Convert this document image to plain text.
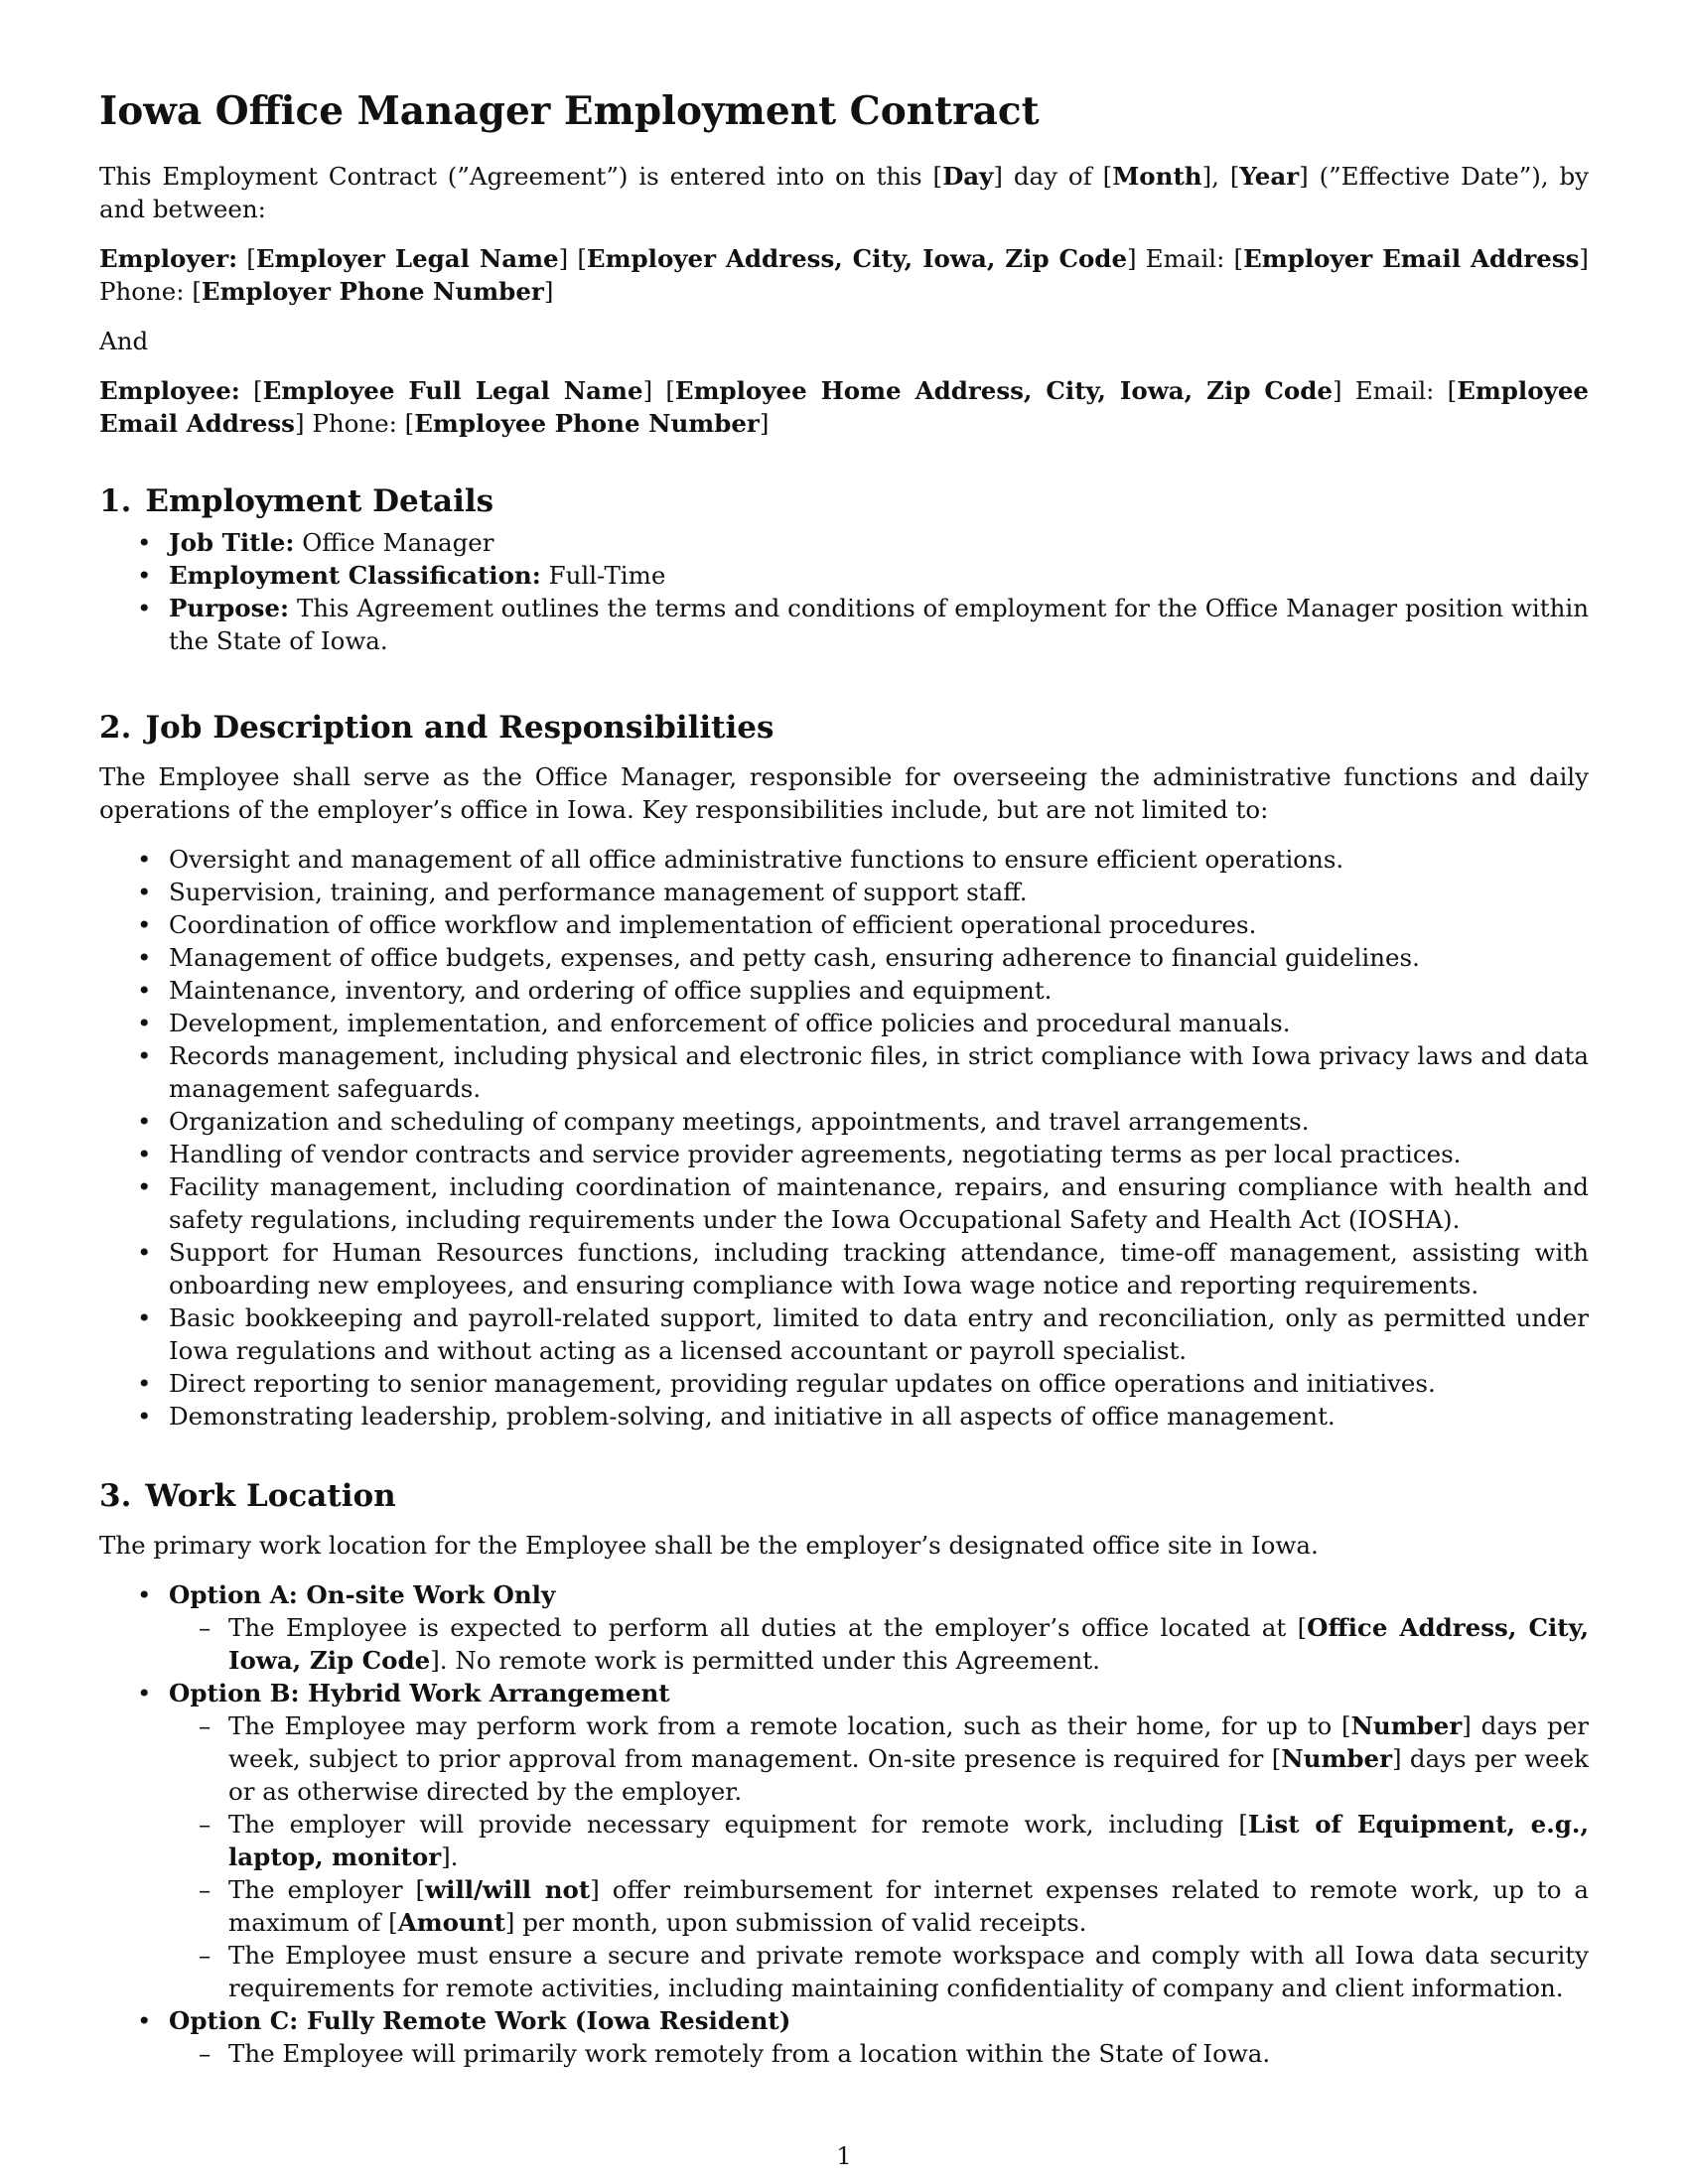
Iowa Office Manager Employment Contract

This Employment Contract (”Agreement”) is entered into on this [Day] day of [Month], [Year] (”Effective Date”), by and between:

Employer: [Employer Legal Name] [Employer Address, City, Iowa, Zip Code] Email: [Employer Email Address] Phone: [Employer Phone Number]

And

Employee: [Employee Full Legal Name] [Employee Home Address, City, Iowa, Zip Code] Email: [Employee Email Address] Phone: [Employee Phone Number]

1. Employment Details
• Job Title: Office Manager
• Employment Classification: Full-Time
• Purpose: This Agreement outlines the terms and conditions of employment for the Office Manager position within the State of Iowa.
2. Job Description and Responsibilities

The Employee shall serve as the Office Manager, responsible for overseeing the administrative functions and daily operations of the employer’s office in Iowa. Key responsibilities include, but are not limited to:

• Oversight and management of all office administrative functions to ensure efficient operations.
• Supervision, training, and performance management of support staff.
• Coordination of office workflow and implementation of efficient operational procedures.
• Management of office budgets, expenses, and petty cash, ensuring adherence to financial guidelines.
• Maintenance, inventory, and ordering of office supplies and equipment.
• Development, implementation, and enforcement of office policies and procedural manuals.
• Records management, including physical and electronic files, in strict compliance with Iowa privacy laws and data management safeguards.
• Organization and scheduling of company meetings, appointments, and travel arrangements.
• Handling of vendor contracts and service provider agreements, negotiating terms as per local practices.
• Facility management, including coordination of maintenance, repairs, and ensuring compliance with health and safety regulations, including requirements under the Iowa Occupational Safety and Health Act (IOSHA).
• Support for Human Resources functions, including tracking attendance, time-off management, assisting with onboarding new employees, and ensuring compliance with Iowa wage notice and reporting requirements.
• Basic bookkeeping and payroll-related support, limited to data entry and reconciliation, only as permitted under Iowa regulations and without acting as a licensed accountant or payroll specialist.
• Direct reporting to senior management, providing regular updates on office operations and initiatives.
• Demonstrating leadership, problem-solving, and initiative in all aspects of office management.
3. Work Location

The primary work location for the Employee shall be the employer’s designated office site in Iowa.

• Option A: On-site Work Only
– The Employee is expected to perform all duties at the employer’s office located at [Office Address, City, Iowa, Zip Code]. No remote work is permitted under this Agreement.
• Option B: Hybrid Work Arrangement
– The Employee may perform work from a remote location, such as their home, for up to [Number] days per week, subject to prior approval from management. On-site presence is required for [Number] days per week or as otherwise directed by the employer.
– The employer will provide necessary equipment for remote work, including [List of Equipment, e.g., laptop, monitor].
– The employer [will/will not] offer reimbursement for internet expenses related to remote work, up to a maximum of [Amount] per month, upon submission of valid receipts.
– The Employee must ensure a secure and private remote workspace and comply with all Iowa data security requirements for remote activities, including maintaining confidentiality of company and client information.
• Option C: Fully Remote Work (Iowa Resident)
– The Employee will primarily work remotely from a location within the State of Iowa.
1
